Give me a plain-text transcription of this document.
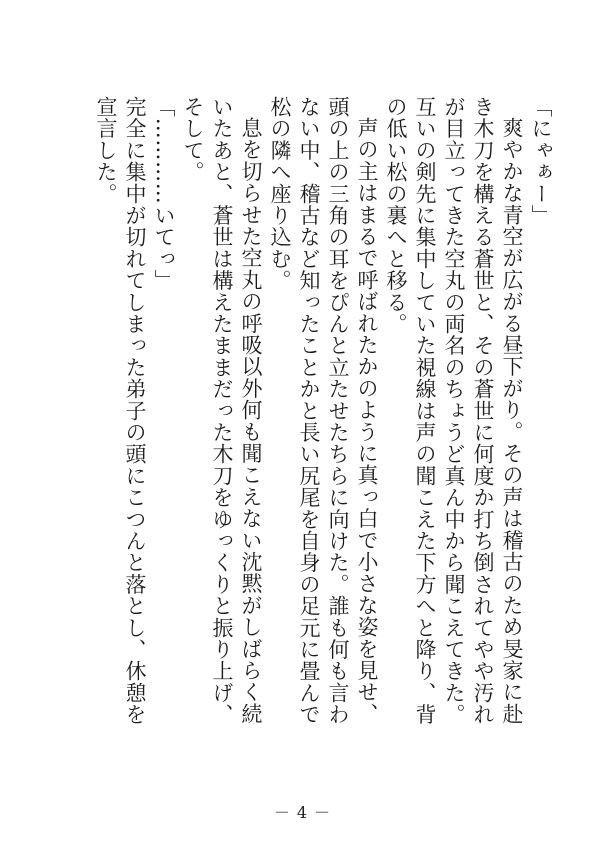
「にゃぁー」

爽やかな青空が広がる昼下がり。その声は稽古のため旻家に赴き木刀を構える蒼世と、その蒼世に何度か打ち倒されてやや汚れが目立ってきた空丸の両名のちょうど真ん中から聞こえてきた。互いの剣先に集中していた視線は声の聞こえた下方へと降り、背の低い松の裏へと移る。

声の主はまるで呼ばれたかのように真っ白で小さな姿を見せ、頭の上の三角の耳をぴんと立たせたちらに向けた。誰も何も言わない中、稽古など知ったことかと長い尻尾を自身の足元に畳んで松の隣へ座り込む。

息を切らせた空丸の呼吸以外何も聞こえない沈黙がしばらく続いたあと、蒼世は構えたままだった木刀をゆっくりと振り上げ、そして。

「…………いてっ」

完全に集中が切れてしまった弟子の頭にこつんと落とし、休憩を宣言した。

－ 4 －
